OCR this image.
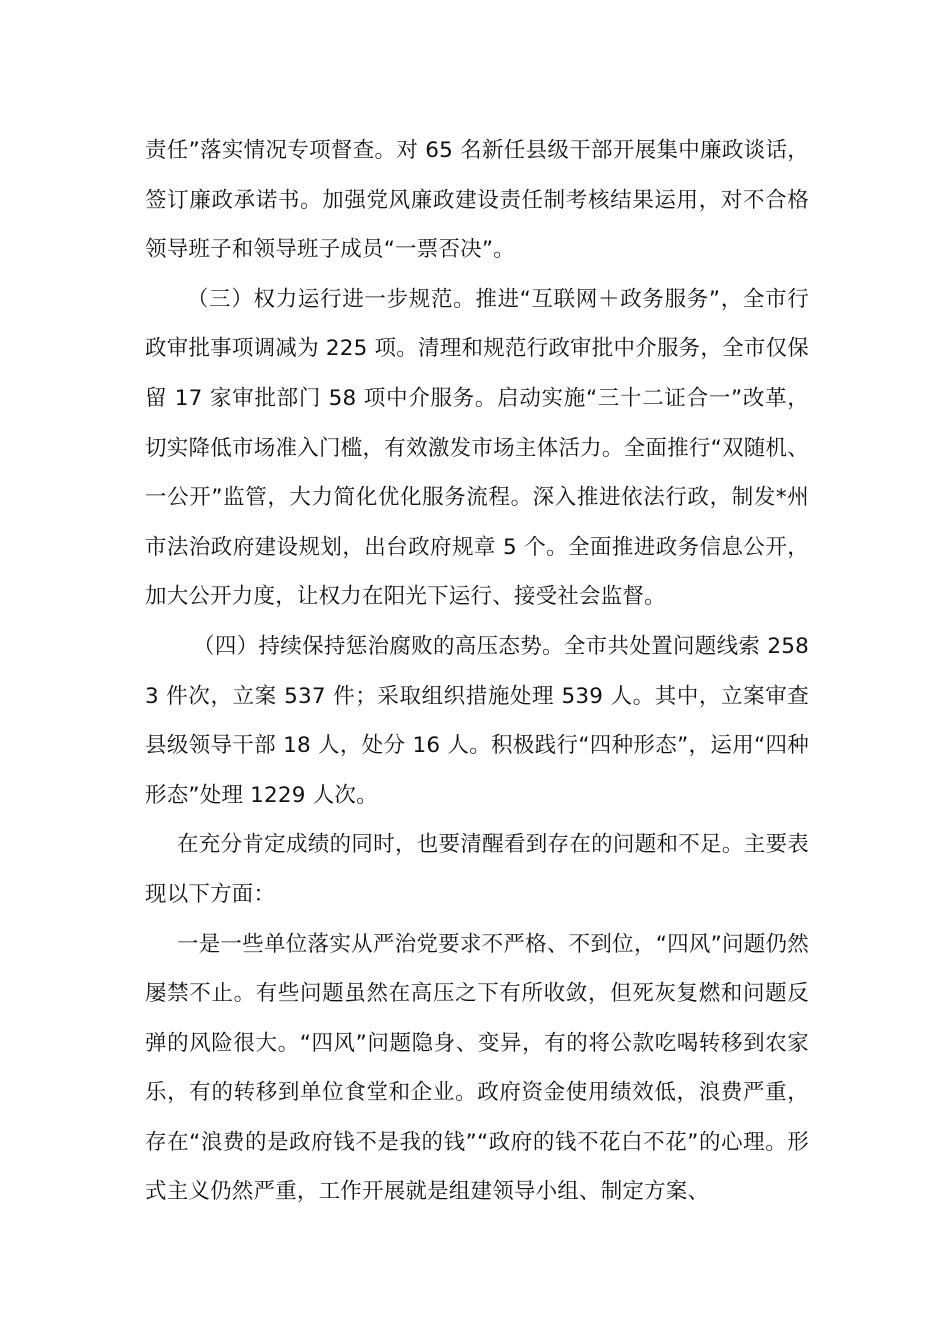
责任”落实情况专项督查。对 65 名新任县级干部开展集中廉政谈话，签订廉政承诺书。加强党风廉政建设责任制考核结果运用，对不合格领导班子和领导班子成员“一票否决”。

（三）权力运行进一步规范。推进“互联网＋政务服务”，全市行政审批事项调减为 225 项。清理和规范行政审批中介服务，全市仅保留 17 家审批部门 58 项中介服务。启动实施“三十二证合一”改革，切实降低市场准入门槛，有效激发市场主体活力。全面推行“双随机、一公开”监管，大力简化优化服务流程。深入推进依法行政，制发*州市法治政府建设规划，出台政府规章 5 个。全面推进政务信息公开，加大公开力度，让权力在阳光下运行、接受社会监督。

（四）持续保持惩治腐败的高压态势。全市共处置问题线索 2583 件次，立案 537 件；采取组织措施处理 539 人。其中，立案审查县级领导干部 18 人，处分 16 人。积极践行“四种形态”，运用“四种形态”处理 1229 人次。

在充分肯定成绩的同时，也要清醒看到存在的问题和不足。主要表现以下方面：

一是一些单位落实从严治党要求不严格、不到位，“四风”问题仍然屡禁不止。有些问题虽然在高压之下有所收敛，但死灰复燃和问题反弹的风险很大。“四风”问题隐身、变异，有的将公款吃喝转移到农家乐，有的转移到单位食堂和企业。政府资金使用绩效低，浪费严重，存在“浪费的是政府钱不是我的钱”“政府的钱不花白不花”的心理。形式主义仍然严重，工作开展就是组建领导小组、制定方案、
